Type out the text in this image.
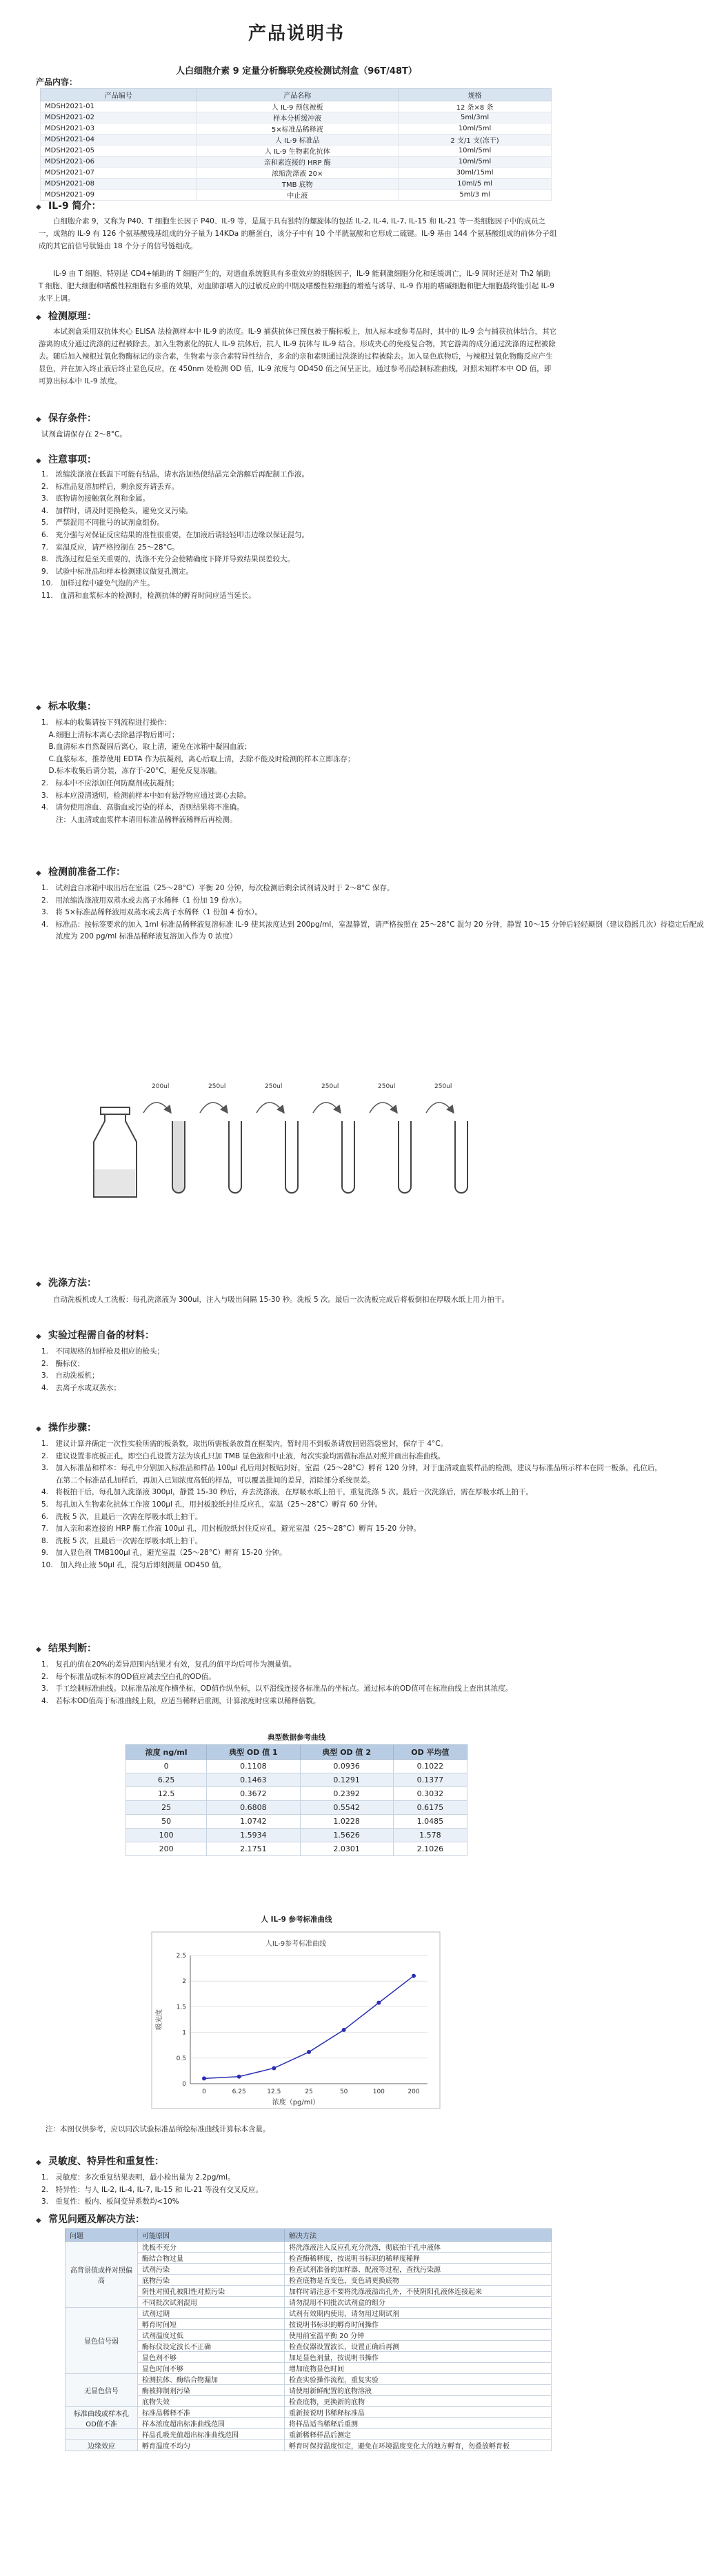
产品说明书
人白细胞介素 9 定量分析酶联免疫检测试剂盒（96T/48T）
产品内容：
产品编号	产品名称	规格
MDSH2021-01	人 IL-9 预包被板	12 条×8 条
MDSH2021-02	样本分析缓冲液	5ml/3ml
MDSH2021-03	5×标准品稀释液	10ml/5ml
MDSH2021-04	人 IL-9 标准品	2 支/1 支(冻干)
MDSH2021-05	人 IL-9 生物素化抗体	10ml/5ml
MDSH2021-06	亲和素连接的 HRP 酶	10ml/5ml
MDSH2021-07	浓缩洗涤液 20×	30ml/15ml
MDSH2021-08	TMB 底物	10ml/5 ml
MDSH2021-09	中止液	5ml/3 ml
◆ IL-9 简介：

白细胞介素 9，又称为 P40、T 细胞生长因子 P40、IL-9 等，是属于具有独特的螺旋体的包括 IL-2, IL-4, IL-7, IL-15 和 IL-21 等一类细胞因子中的成员之一，成熟的 IL-9 有 126 个氨基酸残基组成的分子量为 14KDa 的糖蛋白，该分子中有 10 个半胱氨酸和它形成二硫键。IL-9 基由 144 个氨基酸组成的前体分子组成的其它前信号肽链由 18 个分子的信号链组成。

IL-9 由 T 细胞、特别是 CD4+辅助的 T 细胞产生的，对造血系统胞具有多重效应的细胞因子，IL-9 能刺激细胞分化和延缓凋亡，IL-9 同时还是对 Th2 辅助 T 细胞、肥大细胞和嗜酸性粒细胞有多重的效果，对血肺部嗜入的过敏反应的中期及嗜酸性粒细胞的增殖与诱导、IL-9 作用的嗜碱细胞和肥大细胞最终能引起 IL-9 水平上调。

◆ 检测原理：

本试剂盒采用双抗体夹心 ELISA 法检测样本中 IL-9 的浓度。IL-9 捕获抗体已预包被于酶标板上，加入标本或参考品时，其中的 IL-9 会与捕获抗体结合，其它游离的成分通过洗涤的过程被除去。加入生物素化的抗人 IL-9 抗体后，抗人 IL-9 抗体与 IL-9 结合，形成夹心的免疫复合物，其它游离的成分通过洗涤的过程被除去。随后加入辣根过氧化物酶标记的亲合素，生物素与亲合素特异性结合，多余的亲和素则通过洗涤的过程被除去。加入显色底物后，与辣根过氧化物酶反应产生显色，并在加入终止液后终止显色反应，在 450nm 处检测 OD 值，IL-9 浓度与 OD450 值之间呈正比，通过参考品绘制标准曲线，对照未知样本中 OD 值，即可算出标本中 IL-9 浓度。

◆ 保存条件：
试剂盒请保存在 2～8°C。
◆ 注意事项：
1.　浓缩洗涤液在低温下可能有结晶，请水浴加热使结晶完全溶解后再配制工作液。
2.　标准品复溶加样后，剩余废弃请丢弃。
3.　底物请勿接触氧化剂和金属。
4.　加样时，请及时更换枪头，避免交叉污染。
5.　严禁混用不同批号的试剂盒组份。
6.　充分强与对保证反应结果的准性很重要，在加液后请轻轻叩击边缘以保证混匀。
7.　室温反应，请严格控制在 25～28°C。
8.　洗涤过程是至关重要的，洗涤不充分会使精确度下降并导致结果误差较大。
9.　试验中标准品和样本检测建议做复孔测定。
10.　加样过程中避免气泡的产生。
11.　血清和血浆标本的检测时，检测抗体的孵育时间应适当延长。
◆ 标本收集：
1.　标本的收集请按下列流程进行操作：
　A.细胞上清标本离心去除悬浮物后即可；
　B.血清标本自然凝固后离心，取上清，避免在冰箱中凝固血液；
　C.血浆标本，推荐使用 EDTA 作为抗凝剂，离心后取上清，去除不能及时检测的样本立即冻存；
　D.标本收集后请分装，冻存于-20°C，避免反复冻融。
2.　标本中不应添加任何防腐剂或抗凝剂；
3.　标本应澄清透明，检测前样本中如有悬浮物应通过离心去除。
4.　请勿使用溶血、高脂血或污染的样本，否则结果将不准确。
　　注：人血清或血浆样本请用标准品稀释液稀释后再检测。
◆ 检测前准备工作：
1.　试剂盒自冰箱中取出后在室温（25～28°C）平衡 20 分钟，每次检测后剩余试剂请及时于 2～8°C 保存。
2.　用浓缩洗涤液用双蒸水或去离子水稀释（1 份加 19 份水）。
3.　将 5×标准品稀释液用双蒸水或去离子水稀释（1 份加 4 份水）。
4.　标准品：按标签要求的加入 1ml 标准品稀释液复溶标准 IL-9 使其浓度达到 200pg/ml，室温静置，请严格按照在 25～28°C 混匀 20 分钟，静置 10～15 分钟后轻轻颠倒（建议稳摇几次）待稳定后配成
　　浓度为 200 pg/ml 标准品稀释液复溶加入作为 0 浓度）
200ul	250ul	250ul	250ul	250ul	250ul
◆ 洗涤方法：

自动洗板机或人工洗板：每孔洗涤液为 300ul，注入与吸出间隔 15-30 秒。洗板 5 次。最后一次洗板完成后将板倒扣在厚吸水纸上用力拍干。

◆ 实验过程需自备的材料：
1.　不同规格的加样枪及相应的枪头；
2.　酶标仪；
3.　自动洗板机；
4.　去离子水或双蒸水；
◆ 操作步骤：
1.　建议计算并确定一次性实验所需的板条数，取出所需板条放置在框架内，暂时用不到板条请放回铝箔袋密封，保存于 4°C。
2.　建议设置非底板正孔，即空白孔设置方法为该孔只加 TMB 显色液和中止液，每次实验均需做标准品对照并画出标准曲线。
3.　加入标准品和样本：每孔中分别加入标准品和样品 100μl 孔后用封板贴封好，室温（25～28°C）孵育 120 分钟，对于血清或血浆样品的检测，建议与标准品所示样本在同一板条，孔位后，
　　在第二个标准品孔加样后，再加入已知浓度高低的样品，可以覆盖批间的差异，消除部分系统误差。
4.　将板拍干后，每孔加入洗涤液 300μl，静置 15-30 秒后，弃去洗涤液，在厚吸水纸上拍干，重复洗涤 5 次。最后一次洗涤后，需在厚吸水纸上拍干。
5.　每孔加入生物素化抗体工作液 100μl 孔，用封板胶纸封住反应孔，室温（25～28°C）孵育 60 分钟。
6.　洗板 5 次，且最后一次需在厚吸水纸上拍干。
7.　加入亲和素连接的 HRP 酶工作液 100μl 孔，用封板胶纸封住反应孔，避光室温（25～28°C）孵育 15-20 分钟。
8.　洗板 5 次，且最后一次需在厚吸水纸上拍干。
9.　加入显色剂 TMB100μl 孔，避光室温（25～28°C）孵育 15-20 分钟。
10.　加入终止液 50μl 孔，混匀后即刻测量 OD450 值。
◆ 结果判断：
1.　复孔的值在20%的差异范围内结果才有效，复孔的值平均后可作为测量值。
2.　每个标准品或标本的OD值应减去空白孔的OD值。
3.　手工绘制标准曲线。以标准品浓度作横坐标，OD值作纵坐标，以平滑线连接各标准品的坐标点。通过标本的OD值可在标准曲线上查出其浓度。
4.　若标本OD值高于标准曲线上限，应适当稀释后重测，计算浓度时应乘以稀释倍数。
典型数据参考曲线
浓度 ng/ml	典型 OD 值 1	典型 OD 值 2	OD 平均值
0	0.1108	0.0936	0.1022
6.25	0.1463	0.1291	0.1377
12.5	0.3672	0.2392	0.3032
25	0.6808	0.5542	0.6175
50	1.0742	1.0228	1.0485
100	1.5934	1.5626	1.578
200	2.1751	2.0301	2.1026
人 IL-9 参考标准曲线
人IL-9参考标准曲线
0
0.5
1
1.5
2
2.5
0	6.25	12.5	25	50	100	200
浓度（pg/ml）
吸光度
注：本图仅供参考，应以同次试验标准品所绘标准曲线计算标本含量。
◆ 灵敏度、特异性和重复性：
1.　灵敏度：多次重复结果表明，最小检出量为 2.2pg/ml。
2.　特异性：与人 IL-2, IL-4, IL-7, IL-15 和 IL-21 等没有交叉反应。
3.　重复性：板内、板间变异系数均<10%
◆ 常见问题及解决方法：
问题	可能原因	解决方法
高背景值或样对照偏高	洗板不充分	将洗涤液注入反应孔充分洗涤，彻底拍干孔中液体
	酶结合物过量	检查酶稀释度，按说明书标识的稀释度稀释
	试剂污染	检查试剂准备的加样器、配液等过程，查找污染源
	底物污染	检查底物是否变色，变色请更换底物
	阴性对照孔被阳性对照污染	加样时请注意不要将洗涤液溢出孔外，不使阴阳孔液体连接起来
	不同批次试剂混用	请勿混用不同批次试剂盒的组分
显色信号弱	试剂过期	试剂有效期内使用，请勿用过期试剂
	孵育时间短	按说明书标识的孵育时间操作
	试剂温度过低	使用前室温平衡 20 分钟
	酶标仪设定波长不正确	检查仪器设置波长，设置正确后再测
	显色剂不够	加足显色剂量，按说明书操作
	显色时间不够	增加底物显色时间
无显色信号	检测抗体、酶结合物漏加	检查实验操作流程，重复实验
	酶被抑制剂污染	请使用新鲜配置的底物溶液
	底物失效	检查底物，更换新的底物
标准曲线或样本孔OD值不准	标准品稀释不准	重新按说明书稀释标准品
	样本浓度超出标准曲线范围	将样品适当稀释后重测
	样品孔吸光值超出标准曲线范围	重新稀释样品后测定
边缘效应	孵育温度不均匀	孵育时保持温度恒定，避免在环境温度变化大的地方孵育，勿叠放孵育板
